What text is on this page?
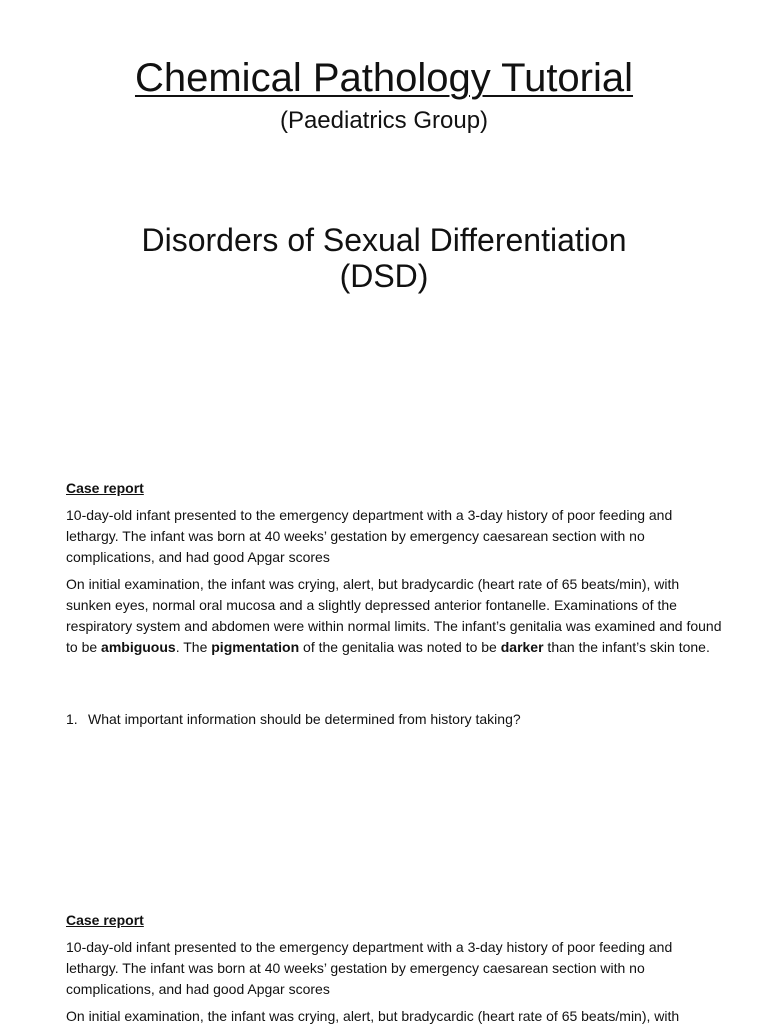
Chemical Pathology Tutorial
(Paediatrics Group)
Disorders of Sexual Differentiation
(DSD)

Case report

10-day-old infant presented to the emergency department with a 3-day history of poor feeding and lethargy. The infant was born at 40 weeks’ gestation by emergency caesarean section with no complications, and had good Apgar scores

On initial examination, the infant was crying, alert, but bradycardic (heart rate of 65 beats/min), with sunken eyes, normal oral mucosa and a slightly depressed anterior fontanelle. Examinations of the respiratory system and abdomen were within normal limits. The infant’s genitalia was examined and found to be ambiguous. The pigmentation of the genitalia was noted to be darker than the infant’s skin tone.

1. What important information should be determined from history taking?

Case report

10-day-old infant presented to the emergency department with a 3-day history of poor feeding and lethargy. The infant was born at 40 weeks’ gestation by emergency caesarean section with no complications, and had good Apgar scores

On initial examination, the infant was crying, alert, but bradycardic (heart rate of 65 beats/min), with
